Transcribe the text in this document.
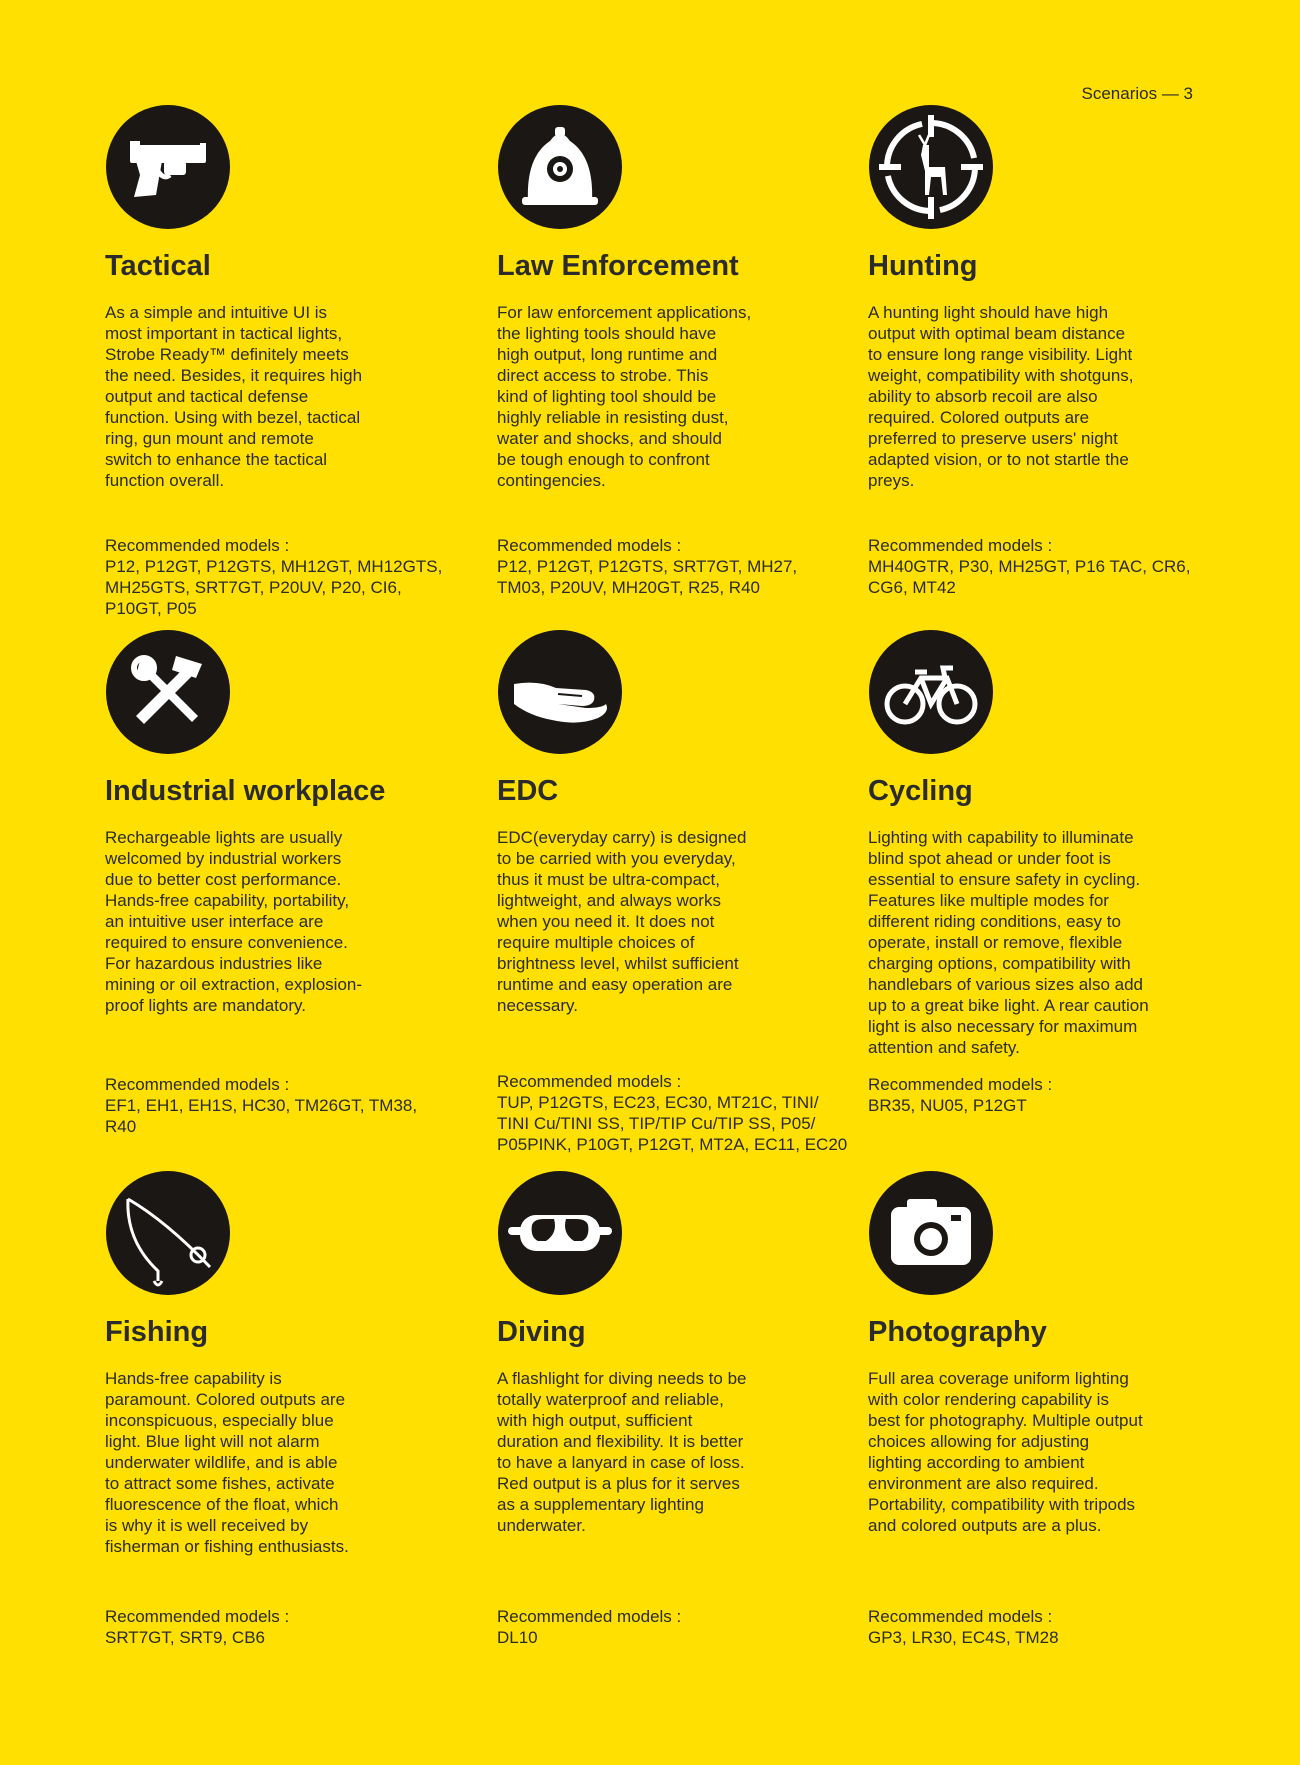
Scenarios — 3
Tactical

As a simple and intuitive UI is
most important in tactical lights,
Strobe Ready™ definitely meets
the need. Besides, it requires high
output and tactical defense
function. Using with bezel, tactical
ring, gun mount and remote
switch to enhance the tactical
function overall.

Recommended models :

P12, P12GT, P12GTS, MH12GT, MH12GTS,
MH25GTS, SRT7GT, P20UV, P20, CI6,
P10GT, P05

Law Enforcement

For law enforcement applications,
the lighting tools should have
high output, long runtime and
direct access to strobe. This
kind of lighting tool should be
highly reliable in resisting dust,
water and shocks, and should
be tough enough to confront
contingencies.

Recommended models :

P12, P12GT, P12GTS, SRT7GT, MH27,
TM03, P20UV, MH20GT, R25, R40

Hunting

A hunting light should have high
output with optimal beam distance
to ensure long range visibility. Light
weight, compatibility with shotguns,
ability to absorb recoil are also
required. Colored outputs are
preferred to preserve users' night
adapted vision, or to not startle the
preys.

Recommended models :

MH40GTR, P30, MH25GT, P16 TAC, CR6,
CG6, MT42

Industrial workplace

Rechargeable lights are usually
welcomed by industrial workers
due to better cost performance.
Hands-free capability, portability,
an intuitive user interface are
required to ensure convenience.
For hazardous industries like
mining or oil extraction, explosion-
proof lights are mandatory.

Recommended models :

EF1, EH1, EH1S, HC30, TM26GT, TM38,
R40

EDC

EDC(everyday carry) is designed
to be carried with you everyday,
thus it must be ultra-compact,
lightweight, and always works
when you need it. It does not
require multiple choices of
brightness level, whilst sufficient
runtime and easy operation are
necessary.

Recommended models :

TUP, P12GTS, EC23, EC30, MT21C, TINI/
TINI Cu/TINI SS, TIP/TIP Cu/TIP SS, P05/
P05PINK, P10GT, P12GT, MT2A, EC11, EC20

Cycling

Lighting with capability to illuminate
blind spot ahead or under foot is
essential to ensure safety in cycling.
Features like multiple modes for
different riding conditions, easy to
operate, install or remove, flexible
charging options, compatibility with
handlebars of various sizes also add
up to a great bike light. A rear caution
light is also necessary for maximum
attention and safety.

Recommended models :

BR35, NU05, P12GT

Fishing

Hands-free capability is
paramount. Colored outputs are
inconspicuous, especially blue
light. Blue light will not alarm
underwater wildlife, and is able
to attract some fishes, activate
fluorescence of the float, which
is why it is well received by
fisherman or fishing enthusiasts.

Recommended models :

SRT7GT, SRT9, CB6

Diving

A flashlight for diving needs to be
totally waterproof and reliable,
with high output, sufficient
duration and flexibility. It is better
to have a lanyard in case of loss.
Red output is a plus for it serves
as a supplementary lighting
underwater.

Recommended models :

DL10

Photography

Full area coverage uniform lighting
with color rendering capability is
best for photography. Multiple output
choices allowing for adjusting
lighting according to ambient
environment are also required.
Portability, compatibility with tripods
and colored outputs are a plus.

Recommended models :

GP3, LR30, EC4S, TM28
